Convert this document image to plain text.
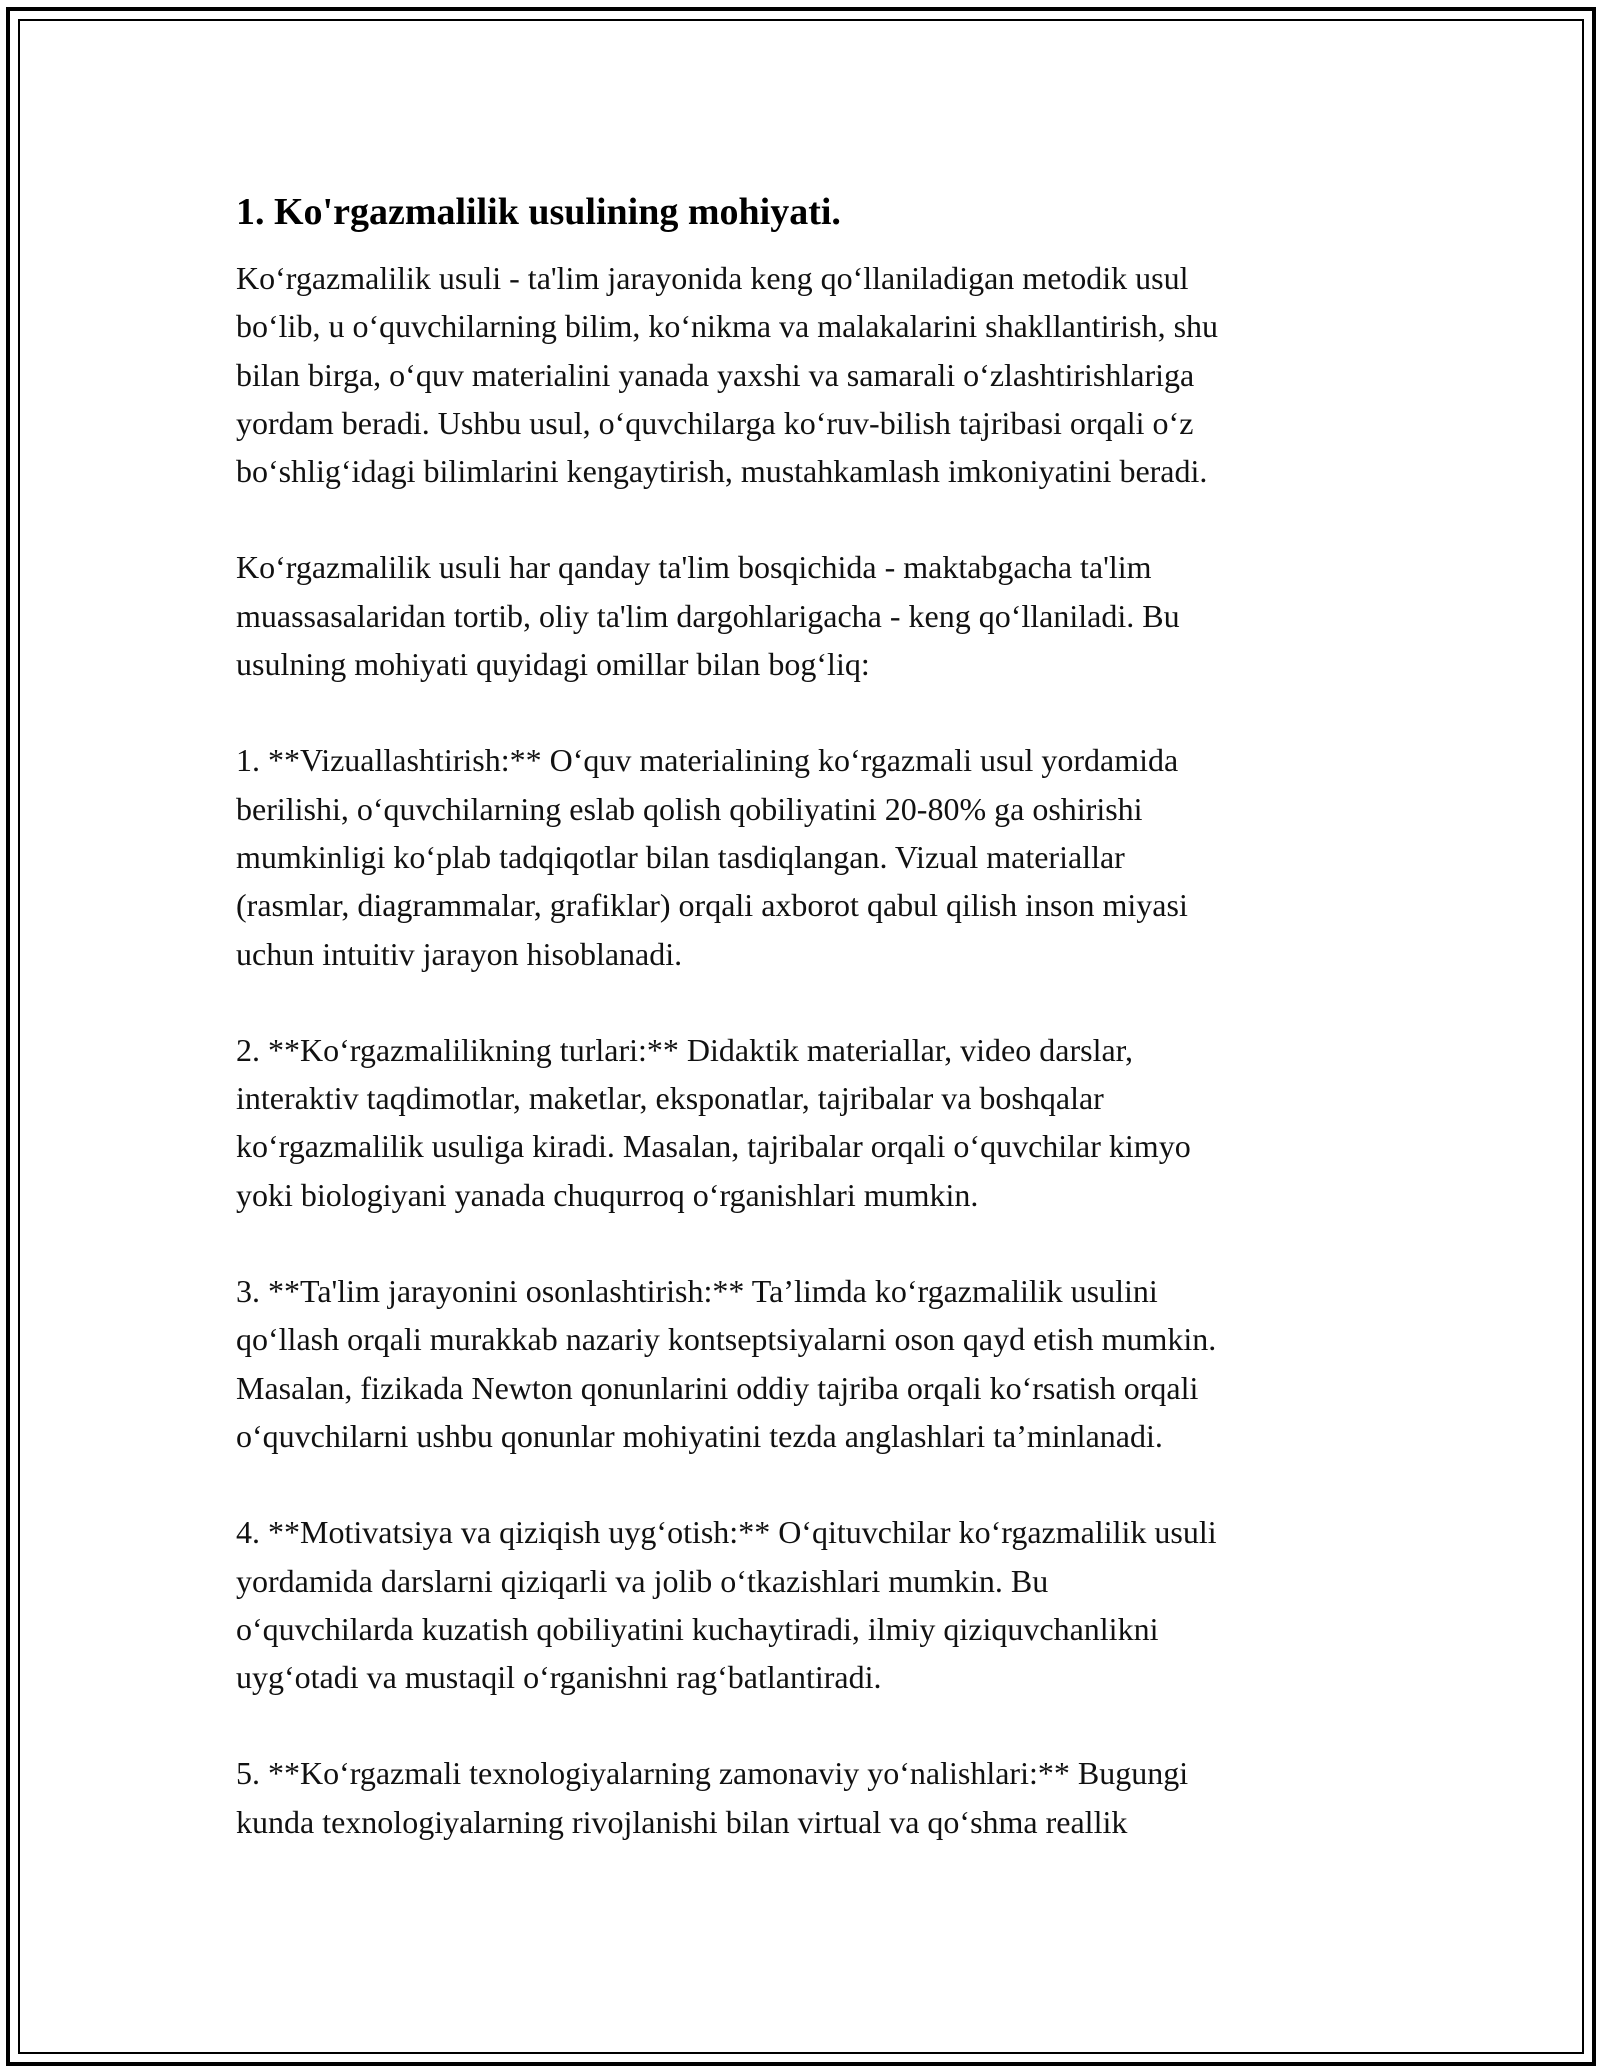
1. Ko'rgazmalilik usulining mohiyati.

Ko‘rgazmalilik usuli - ta'lim jarayonida keng qo‘llaniladigan metodik usul
bo‘lib, u o‘quvchilarning bilim, ko‘nikma va malakalarini shakllantirish, shu
bilan birga, o‘quv materialini yanada yaxshi va samarali o‘zlashtirishlariga
yordam beradi. Ushbu usul, o‘quvchilarga ko‘ruv-bilish tajribasi orqali o‘z
bo‘shlig‘idagi bilimlarini kengaytirish, mustahkamlash imkoniyatini beradi.

Ko‘rgazmalilik usuli har qanday ta'lim bosqichida - maktabgacha ta'lim
muassasalaridan tortib, oliy ta'lim dargohlarigacha - keng qo‘llaniladi. Bu
usulning mohiyati quyidagi omillar bilan bog‘liq:

1. **Vizuallashtirish:** O‘quv materialining ko‘rgazmali usul yordamida
berilishi, o‘quvchilarning eslab qolish qobiliyatini 20-80% ga oshirishi
mumkinligi ko‘plab tadqiqotlar bilan tasdiqlangan. Vizual materiallar
(rasmlar, diagrammalar, grafiklar) orqali axborot qabul qilish inson miyasi
uchun intuitiv jarayon hisoblanadi.

2. **Ko‘rgazmalilikning turlari:** Didaktik materiallar, video darslar,
interaktiv taqdimotlar, maketlar, eksponatlar, tajribalar va boshqalar
ko‘rgazmalilik usuliga kiradi. Masalan, tajribalar orqali o‘quvchilar kimyo
yoki biologiyani yanada chuqurroq o‘rganishlari mumkin.

3. **Ta'lim jarayonini osonlashtirish:** Ta’limda ko‘rgazmalilik usulini
qo‘llash orqali murakkab nazariy kontseptsiyalarni oson qayd etish mumkin.
Masalan, fizikada Newton qonunlarini oddiy tajriba orqali ko‘rsatish orqali
o‘quvchilarni ushbu qonunlar mohiyatini tezda anglashlari ta’minlanadi.

4. **Motivatsiya va qiziqish uyg‘otish:** O‘qituvchilar ko‘rgazmalilik usuli
yordamida darslarni qiziqarli va jolib o‘tkazishlari mumkin. Bu
o‘quvchilarda kuzatish qobiliyatini kuchaytiradi, ilmiy qiziquvchanlikni
uyg‘otadi va mustaqil o‘rganishni rag‘batlantiradi.

5. **Ko‘rgazmali texnologiyalarning zamonaviy yo‘nalishlari:** Bugungi
kunda texnologiyalarning rivojlanishi bilan virtual va qo‘shma reallik
